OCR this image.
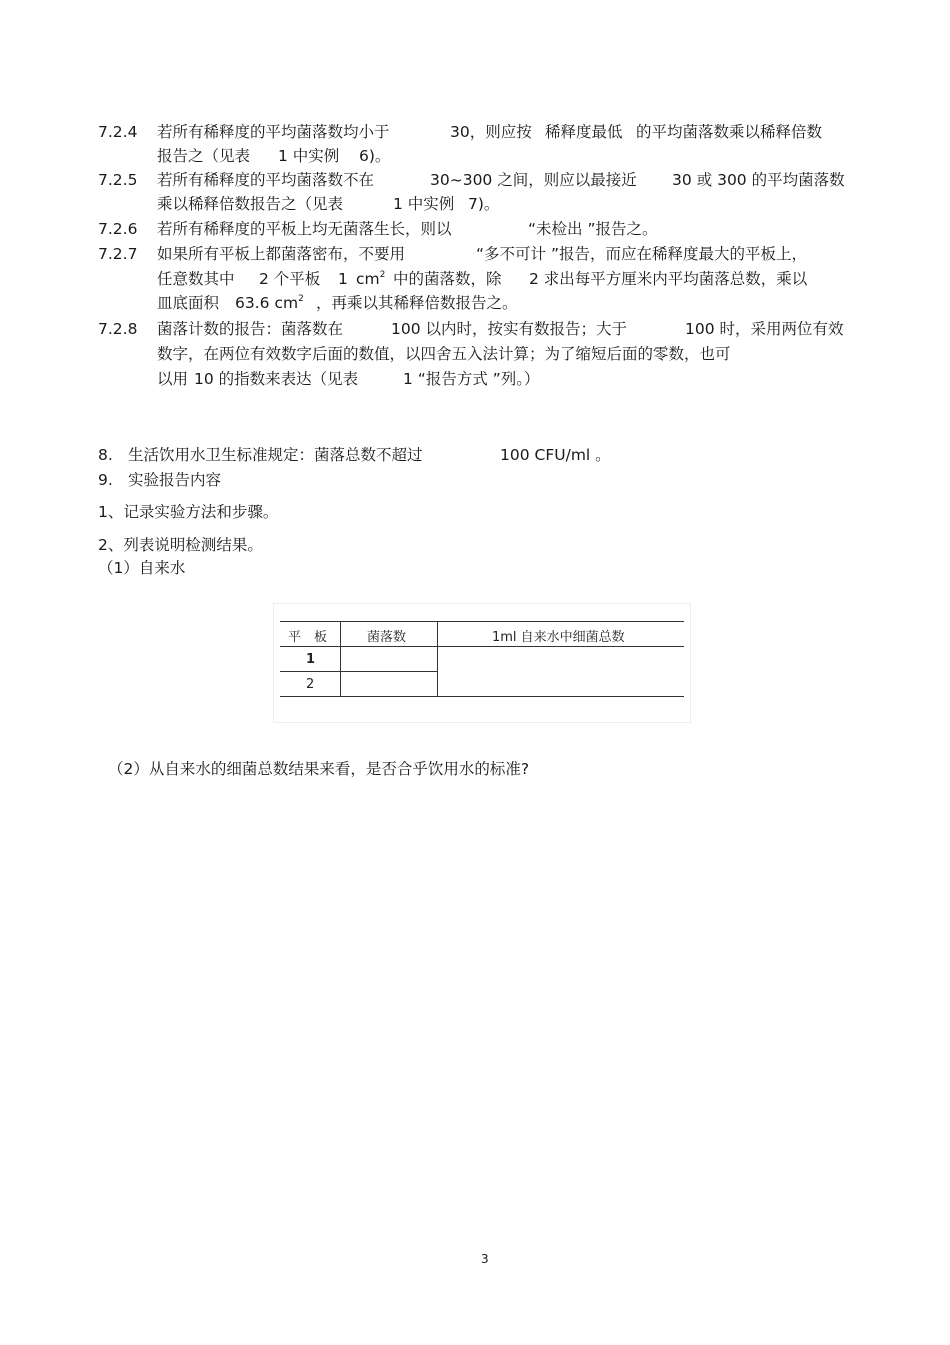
7.2.4 若所有稀释度的平均菌落数均小于	30，则应按 稀释度最低 的平均菌落数乘以稀释倍数
报告之（见表 1 中实例 6)。
7.2.5 若所有稀释度的平均菌落数不在	30~300 之间，则应以最接近 30 或 300 的平均菌落数
乘以稀释倍数报告之（见表	1 中实例 7)。
7.2.6 若所有稀释度的平板上均无菌落生长，则以	“未检出 ”报告之。
7.2.7 如果所有平板上都菌落密布，不要用	“多不可计 ”报告，而应在稀释度最大的平板上，
任意数其中 2 个平板 1 $cm^2$ 中的菌落数，除 2 求出每平方厘米内平均菌落总数，乘以
皿底面积 63.6 $cm^2$ ，再乘以其稀释倍数报告之。
7.2.8 菌落计数的报告：菌落数在	100 以内时，按实有数报告；大于	100 时，采用两位有效
数字，在两位有效数字后面的数值，以四舍五入法计算；为了缩短后面的零数，也可
以用 10 的指数来表达（见表	1 “报告方式 ”列。）
8. 生活饮用水卫生标准规定：菌落总数不超过	100 CFU/ml 。
9. 实验报告内容
1、记录实验方法和步骤。
2、列表说明检测结果。
（1）自来水
平　板	菌落数	1ml 自来水中细菌总数
1
2
（2）从自来水的细菌总数结果来看，是否合乎饮用水的标准?
3
